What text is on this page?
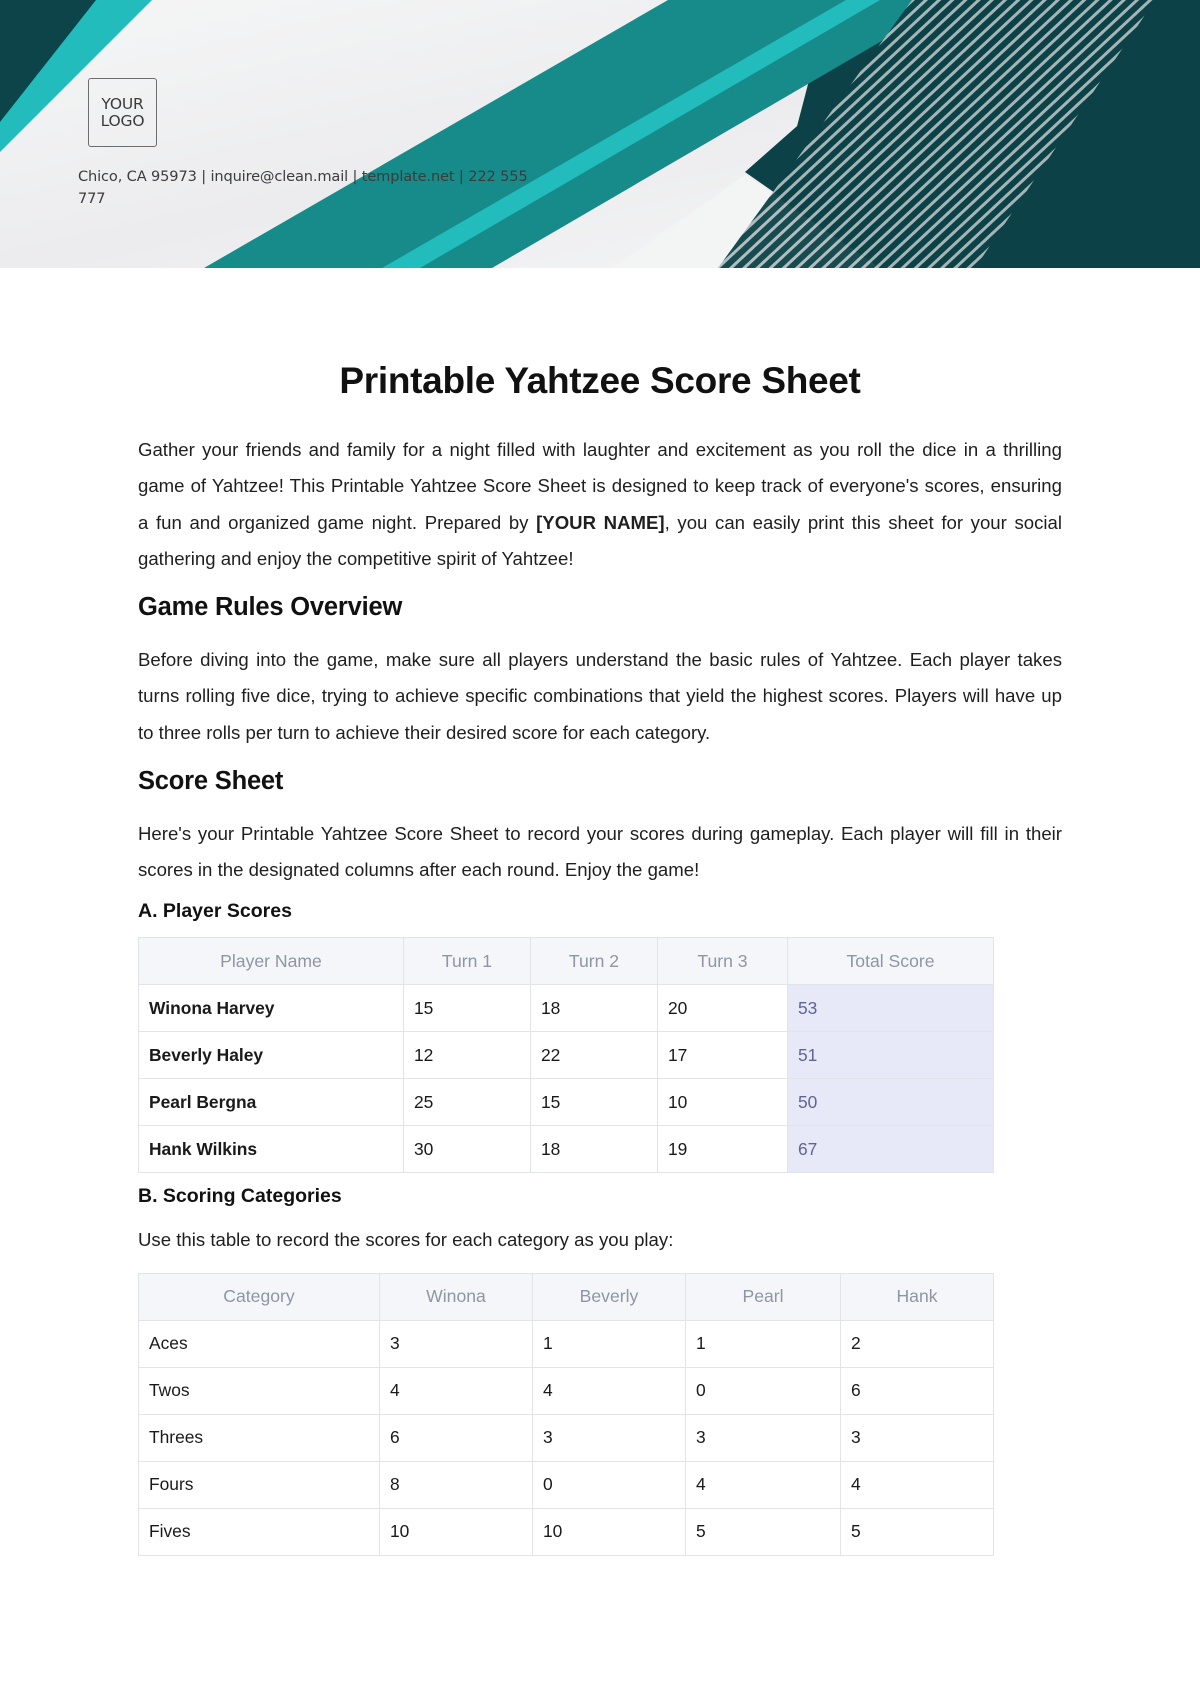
YOUR
LOGO
Chico, CA 95973 | inquire@clean.mail | template.net | 222 555 777
Printable Yahtzee Score Sheet

Gather your friends and family for a night filled with laughter and excitement as you roll the dice in a thrilling game of Yahtzee! This Printable Yahtzee Score Sheet is designed to keep track of everyone's scores, ensuring a fun and organized game night. Prepared by [YOUR NAME], you can easily print this sheet for your social gathering and enjoy the competitive spirit of Yahtzee!

Game Rules Overview

Before diving into the game, make sure all players understand the basic rules of Yahtzee. Each player takes turns rolling five dice, trying to achieve specific combinations that yield the highest scores. Players will have up to three rolls per turn to achieve their desired score for each category.

Score Sheet

Here's your Printable Yahtzee Score Sheet to record your scores during gameplay. Each player will fill in their scores in the designated columns after each round. Enjoy the game!

A. Player Scores
Player Name	Turn 1	Turn 2	Turn 3	Total Score
Winona Harvey	15	18	20	53
Beverly Haley	12	22	17	51
Pearl Bergna	25	15	10	50
Hank Wilkins	30	18	19	67
B. Scoring Categories

Use this table to record the scores for each category as you play:

Category	Winona	Beverly	Pearl	Hank
Aces	3	1	1	2
Twos	4	4	0	6
Threes	6	3	3	3
Fours	8	0	4	4
Fives	10	10	5	5
